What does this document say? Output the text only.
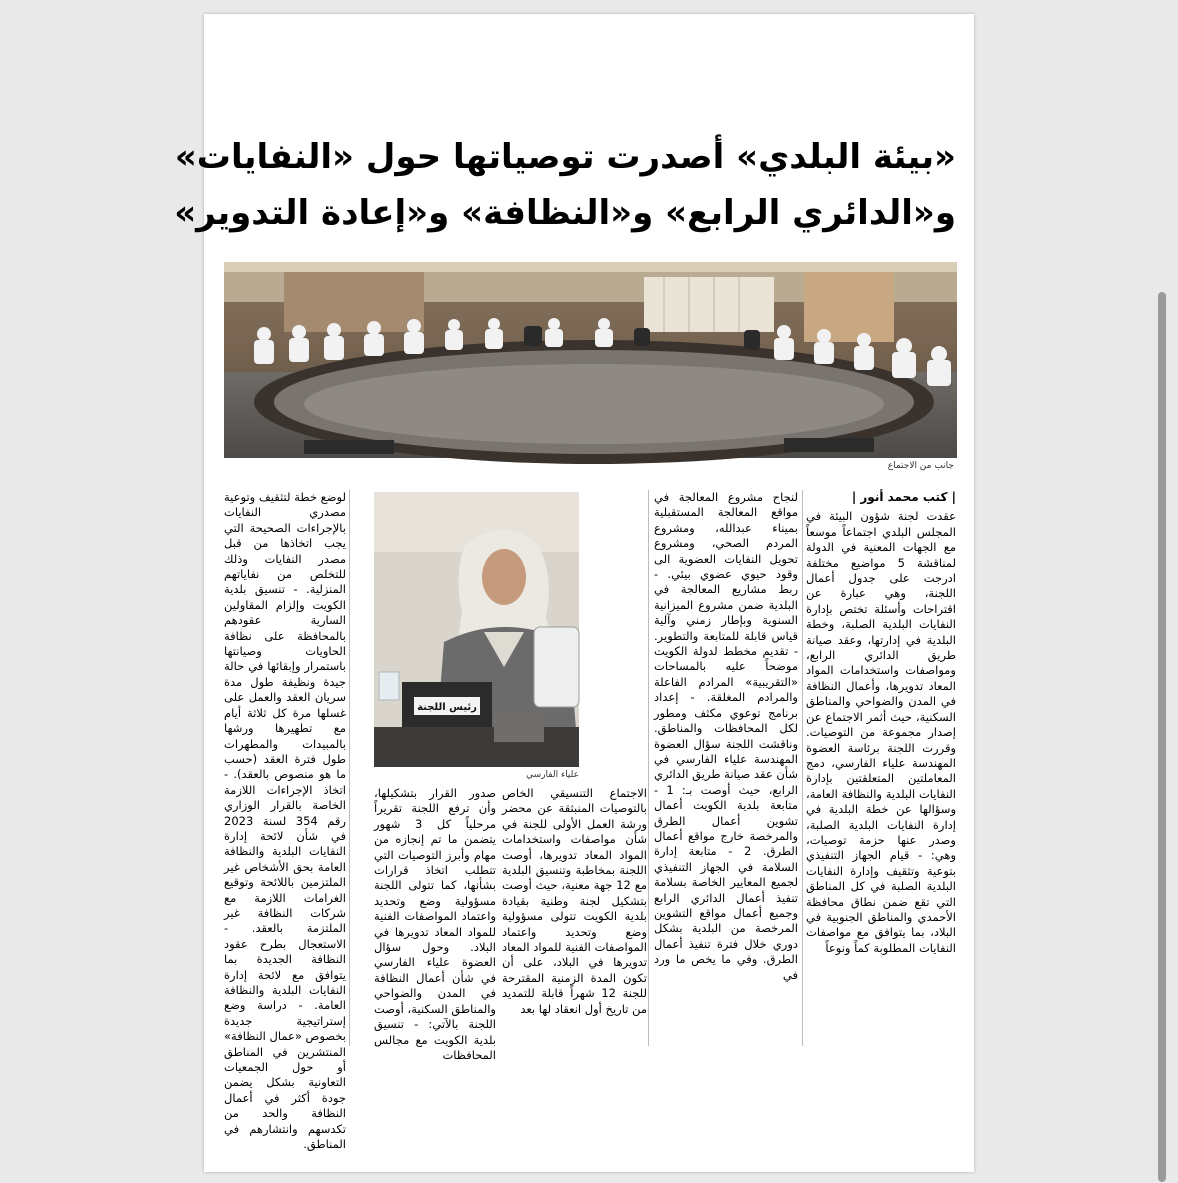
«بيئة البلدي» أصدرت توصياتها حول «النفايات»
و«الدائري الرابع» و«النظافة» و«إعادة التدوير»
جانب من الاجتماع
| كتب محمد أنور |

عقدت لجنة شؤون البيئة في المجلس البلدي اجتماعاً موسعاً مع الجهات المعنية في الدولة لمناقشة 5 مواضيع مختلفة ادرجت على جدول أعمال اللجنة، وهي عبارة عن اقتراحات وأسئلة تختص بإدارة النفايات البلدية الصلبة، وخطة البلدية في إدارتها، وعقد صيانة طريق الدائري الرابع، ومواصفات واستخدامات المواد المعاد تدويرها، وأعمال النظافة في المدن والضواحي والمناطق السكنية، حيث أثمر الاجتماع عن إصدار مجموعة من التوصيات. وقررت اللجنة برئاسة العضوة المهندسة علياء الفارسي، دمج المعاملتين المتعلقتين بإدارة النفايات البلدية والنظافة العامة، وسؤالها عن خطة البلدية في إدارة النفايات البلدية الصلبة، وصدر عنها حزمة توصيات، وهي: - قيام الجهاز التنفيذي بتوعية وتثقيف وإدارة النفايات البلدية الصلبة في كل المناطق التي تقع ضمن نطاق محافظة الأحمدي والمناطق الجنوبية في البلاد، بما يتوافق مع مواصفات النفايات المطلوبة كماً ونوعاً

لنجاح مشروع المعالجة في مواقع المعالجة المستقبلية بميناء عبدالله، ومشروع المردم الصحي، ومشروع تحويل النفايات العضوية الى وقود حيوي عضوي بيئي. - ربط مشاريع المعالجة في البلدية ضمن مشروع الميزانية السنوية وبإطار زمني وآلية قياس قابلة للمتابعة والتطوير. - تقديم مخطط لدولة الكويت موضحاً عليه بالمساحات «التقريبية» المرادم الفاعلة والمرادم المغلقة. - إعداد برنامج توعوي مكثف ومطور لكل المحافظات والمناطق. وناقشت اللجنة سؤال العضوة المهندسة علياء الفارسي في شأن عقد صيانة طريق الدائري الرابع، حيث أوصت بـ: 1 - متابعة بلدية الكويت أعمال تشوين أعمال الطرق والمرخصة خارج مواقع أعمال الطرق. 2 - متابعة إدارة السلامة في الجهاز التنفيذي لجميع المعايير الخاصة بسلامة تنفيذ أعمال الدائري الرابع وجميع أعمال مواقع التشوين المرخصة من البلدية بشكل دوري خلال فترة تنفيذ أعمال الطرق. وفي ما يخص ما ورد في

رئيس اللجنة
علياء الفارسي

الاجتماع التنسيقي الخاص بالتوصيات المنبثقة عن محضر ورشة العمل الأولى للجنة في شأن مواصفات واستخدامات المواد المعاد تدويرها، أوصت اللجنة بمخاطبة وتنسيق البلدية مع 12 جهة معنية، حيث أوصت بتشكيل لجنة وطنية بقيادة بلدية الكويت تتولى مسؤولية وضع وتحديد واعتماد المواصفات الفنية للمواد المعاد تدويرها في البلاد، على أن تكون المدة الزمنية المقترحة للجنة 12 شهراً قابلة للتمديد من تاريخ أول انعقاد لها بعد

صدور القرار بتشكيلها، وأن ترفع اللجنة تقريراً مرحلياً كل 3 شهور يتضمن ما تم إنجازه من مهام وأبرز التوصيات التي تتطلب اتخاذ قرارات بشأنها، كما تتولى اللجنة مسؤولية وضع وتحديد واعتماد المواصفات الفنية للمواد المعاد تدويرها في البلاد. وحول سؤال العضوة علياء الفارسي في شأن أعمال النظافة في المدن والضواحي والمناطق السكنية، أوصت اللجنة بالآتي: - تنسيق بلدية الكويت مع مجالس المحافظات

لوضع خطة لتثقيف وتوعية مصدري النفايات بالإجراءات الصحيحة التي يجب اتخاذها من قبل مصدر النفايات وذلك للتخلص من نفاياتهم المنزلية. - تنسيق بلدية الكويت وإلزام المقاولين السارية عقودهم بالمحافظة على نظافة الحاويات وصيانتها باستمرار وإبقائها في حالة جيدة ونظيفة طول مدة سريان العقد والعمل على غسلها مرة كل ثلاثة أيام مع تطهيرها ورشها بالمبيدات والمطهرات طول فترة العقد (حسب ما هو منصوص بالعقد). - اتخاذ الإجراءات اللازمة الخاصة بالقرار الوزاري رقم 354 لسنة 2023 في شأن لائحة إدارة النفايات البلدية والنظافة العامة بحق الأشخاص غير الملتزمين باللائحة وتوقيع الغرامات اللازمة مع شركات النظافة غير الملتزمة بالعقد. - الاستعجال بطرح عقود النظافة الجديدة بما يتوافق مع لائحة إدارة النفايات البلدية والنظافة العامة. - دراسة وضع إستراتيجية جديدة بخصوص «عمال النظافة» المنتشرين في المناطق أو حول الجمعيات التعاونية بشكل يضمن جودة أكثر في أعمال النظافة والحد من تكدسهم وانتشارهم في المناطق.
